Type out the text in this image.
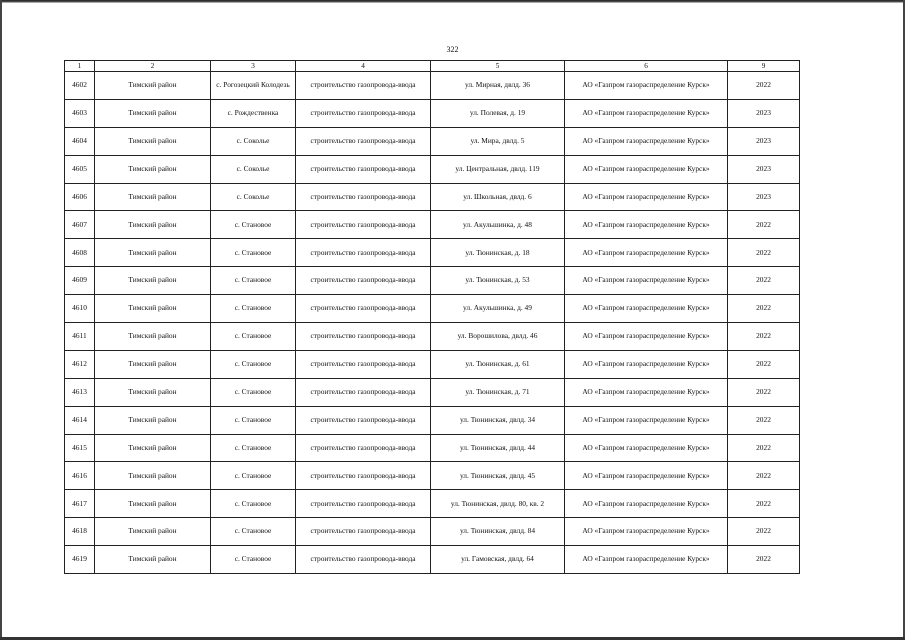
322
1	2	3	4	5	6		9
4602	Тимский район	с. Рогозецкий Колодезь	строительство газопровода-ввода	ул. Мирная, двлд. 36	АО «Газпром газораспределение Курск»		2022
4603	Тимский район	с. Рождественка	строительство газопровода-ввода	ул. Полевая, д. 19	АО «Газпром газораспределение Курск»		2023
4604	Тимский район	с. Соколье	строительство газопровода-ввода	ул. Мира, двлд. 5	АО «Газпром газораспределение Курск»		2023
4605	Тимский район	с. Соколье	строительство газопровода-ввода	ул. Центральная, двлд. 119	АО «Газпром газораспределение Курск»		2023
4606	Тимский район	с. Соколье	строительство газопровода-ввода	ул. Школьная, двлд. 6	АО «Газпром газораспределение Курск»		2023
4607	Тимский район	с. Становое	строительство газопровода-ввода	ул. Акульшинка, д. 48	АО «Газпром газораспределение Курск»		2022
4608	Тимский район	с. Становое	строительство газопровода-ввода	ул. Тюнинская, д. 18	АО «Газпром газораспределение Курск»		2022
4609	Тимский район	с. Становое	строительство газопровода-ввода	ул. Тюнинская, д. 53	АО «Газпром газораспределение Курск»		2022
4610	Тимский район	с. Становое	строительство газопровода-ввода	ул. Акульшинка, д. 49	АО «Газпром газораспределение Курск»		2022
4611	Тимский район	с. Становое	строительство газопровода-ввода	ул. Ворошилова, двлд. 46	АО «Газпром газораспределение Курск»		2022
4612	Тимский район	с. Становое	строительство газопровода-ввода	ул. Тюнинская, д. 61	АО «Газпром газораспределение Курск»		2022
4613	Тимский район	с. Становое	строительство газопровода-ввода	ул. Тюнинская, д. 71	АО «Газпром газораспределение Курск»		2022
4614	Тимский район	с. Становое	строительство газопровода-ввода	ул. Тюнинская, двлд. 34	АО «Газпром газораспределение Курск»		2022
4615	Тимский район	с. Становое	строительство газопровода-ввода	ул. Тюнинская, двлд. 44	АО «Газпром газораспределение Курск»		2022
4616	Тимский район	с. Становое	строительство газопровода-ввода	ул. Тюнинская, двлд. 45	АО «Газпром газораспределение Курск»		2022
4617	Тимский район	с. Становое	строительство газопровода-ввода	ул. Тюнинская, двлд. 80, кв. 2	АО «Газпром газораспределение Курск»		2022
4618	Тимский район	с. Становое	строительство газопровода-ввода	ул. Тюнинская, двлд. 84	АО «Газпром газораспределение Курск»		2022
4619	Тимский район	с. Становое	строительство газопровода-ввода	ул. Гамовская, двлд. 64	АО «Газпром газораспределение Курск»		2022
